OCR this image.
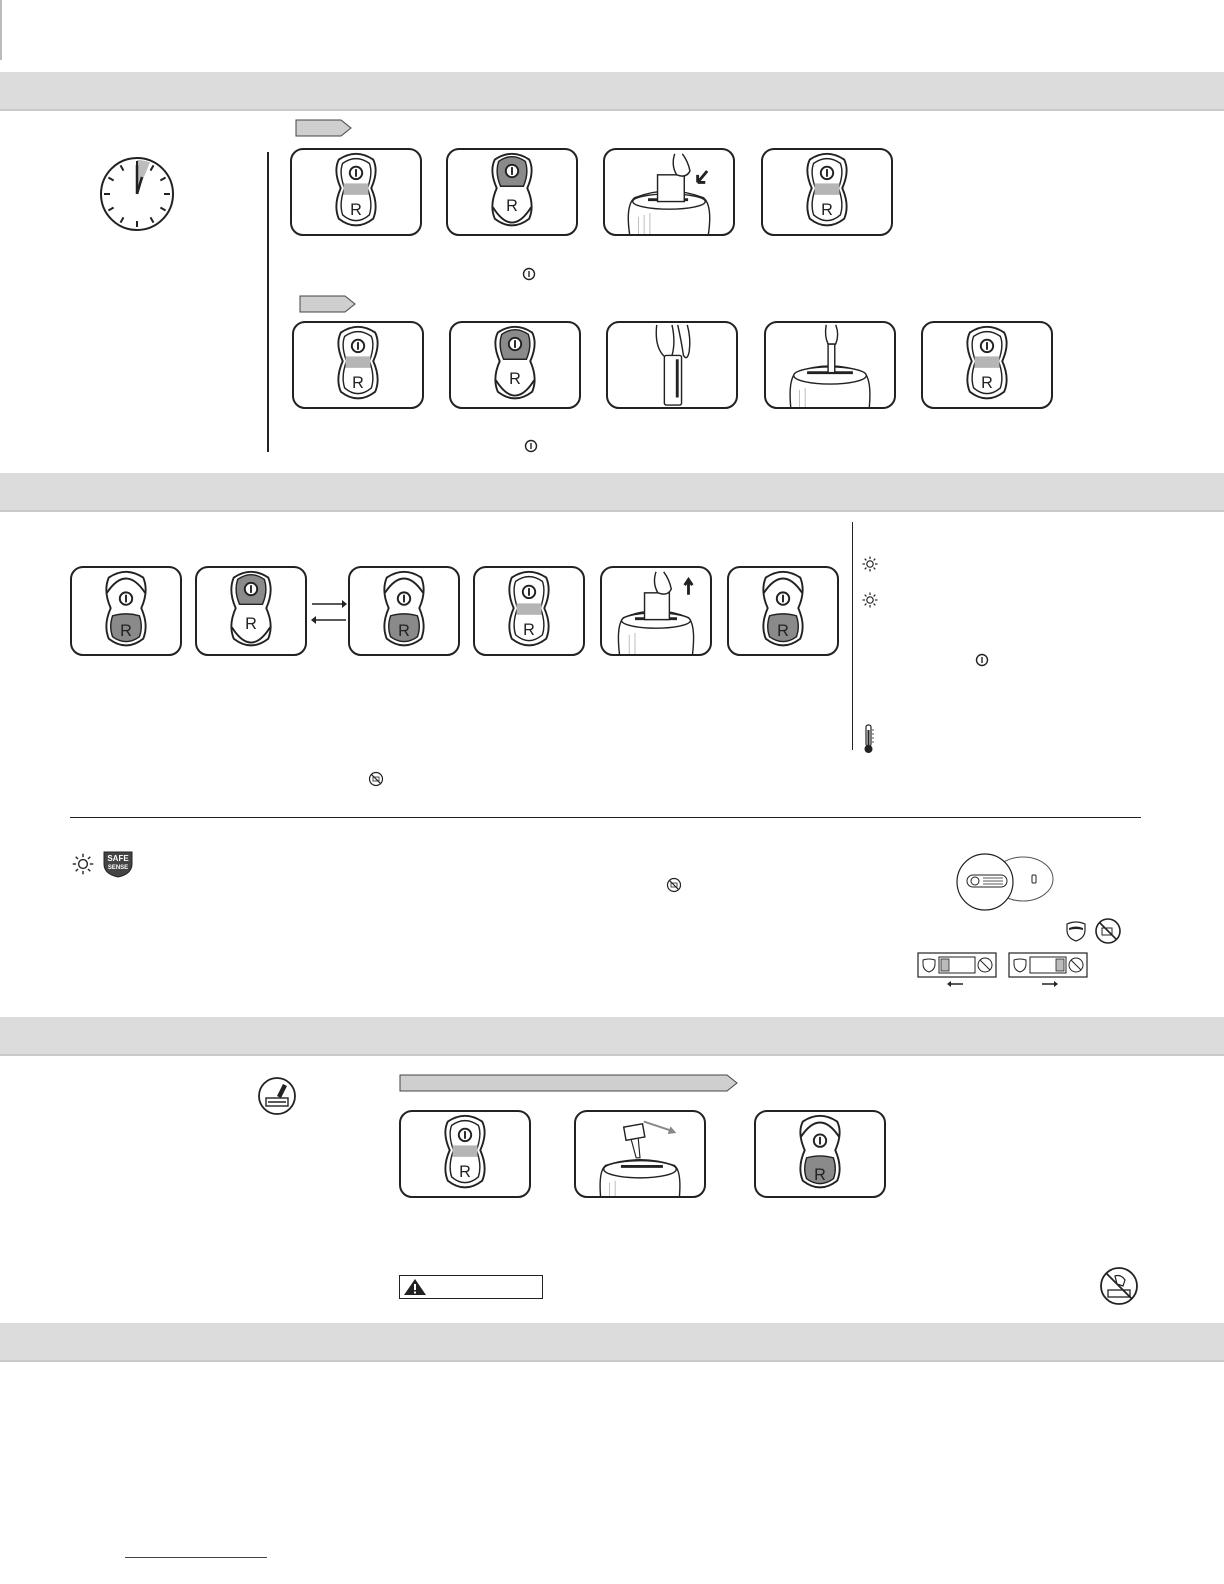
R	R	R
R	R	R
R	R	R	R	R
SAFE
SENSE
R	R
